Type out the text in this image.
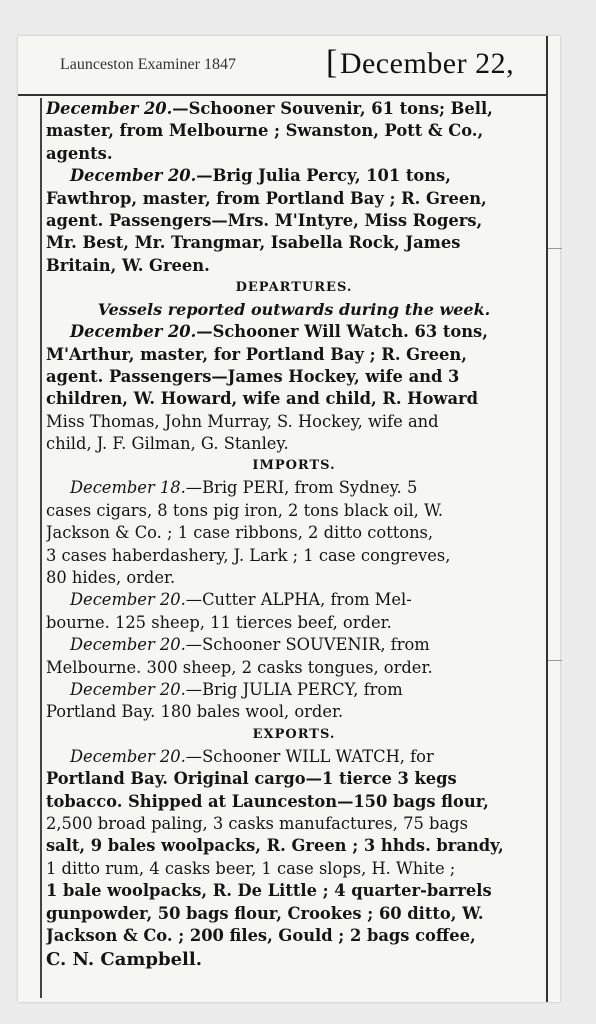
Launceston Examiner 1847	[December 22,
December 20.—Schooner Souvenir, 61 tons; Bell,
master, from Melbourne ; Swanston, Pott & Co.,
agents.
December 20.—Brig Julia Percy, 101 tons,
Fawthrop, master, from Portland Bay ; R. Green,
agent. Passengers—Mrs. M'Intyre, Miss Rogers,
Mr. Best, Mr. Trangmar, Isabella Rock, James
Britain, W. Green.
DEPARTURES.
Vessels reported outwards during the week.
December 20.—Schooner Will Watch. 63 tons,
M'Arthur, master, for Portland Bay ; R. Green,
agent. Passengers—James Hockey, wife and 3
children, W. Howard, wife and child, R. Howard
Miss Thomas, John Murray, S. Hockey, wife and
child, J. F. Gilman, G. Stanley.
IMPORTS.
December 18.—Brig PERI, from Sydney. 5
cases cigars, 8 tons pig iron, 2 tons black oil, W.
Jackson & Co. ; 1 case ribbons, 2 ditto cottons,
3 cases haberdashery, J. Lark ; 1 case congreves,
80 hides, order.
December 20.—Cutter ALPHA, from Mel-
bourne. 125 sheep, 11 tierces beef, order.
December 20.—Schooner SOUVENIR, from
Melbourne. 300 sheep, 2 casks tongues, order.
December 20.—Brig JULIA PERCY, from
Portland Bay. 180 bales wool, order.
EXPORTS.
December 20.—Schooner WILL WATCH, for
Portland Bay. Original cargo—1 tierce 3 kegs
tobacco. Shipped at Launceston—150 bags flour,
2,500 broad paling, 3 casks manufactures, 75 bags
salt, 9 bales woolpacks, R. Green ; 3 hhds. brandy,
1 ditto rum, 4 casks beer, 1 case slops, H. White ;
1 bale woolpacks, R. De Little ; 4 quarter-barrels
gunpowder, 50 bags flour, Crookes ; 60 ditto, W.
Jackson & Co. ; 200 files, Gould ; 2 bags coffee,
C. N. Campbell.
